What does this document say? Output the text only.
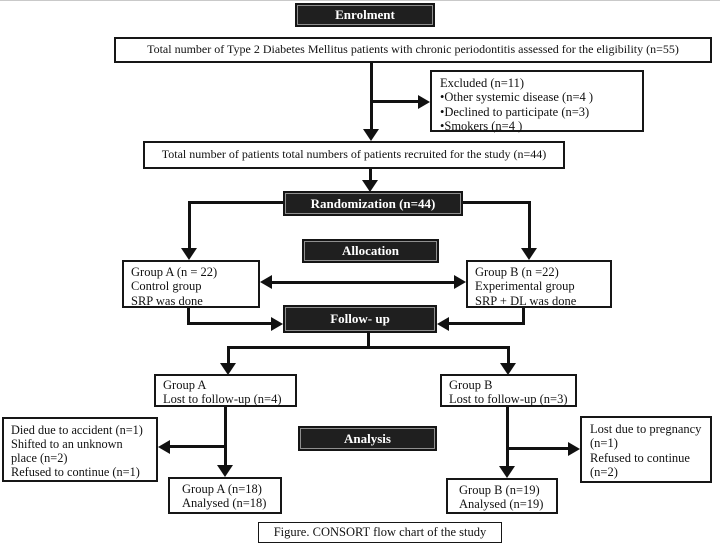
Enrolment
Total number of Type 2 Diabetes Mellitus patients with chronic periodontitis assessed for the eligibility (n=55)
Excluded (n=11)
•Other systemic disease (n=4 )
•Declined to participate (n=3)
•Smokers (n=4 )
Total number of patients total numbers of patients recruited for the study (n=44)
Randomization (n=44)
Allocation
Group A (n = 22)
Control group
SRP was done
Group B (n =22)
Experimental group
SRP + DL was done
Follow- up
Group A
Lost to follow-up (n=4)
Group B
Lost to follow-up (n=3)
Died due to accident (n=1)
Shifted to an unknown
place (n=2)
Refused to continue (n=1)
Analysis
Lost due to pregnancy
(n=1)
Refused to continue
(n=2)
Group A (n=18)
Analysed (n=18)
Group B (n=19)
Analysed (n=19)
Figure. CONSORT flow chart of the study
